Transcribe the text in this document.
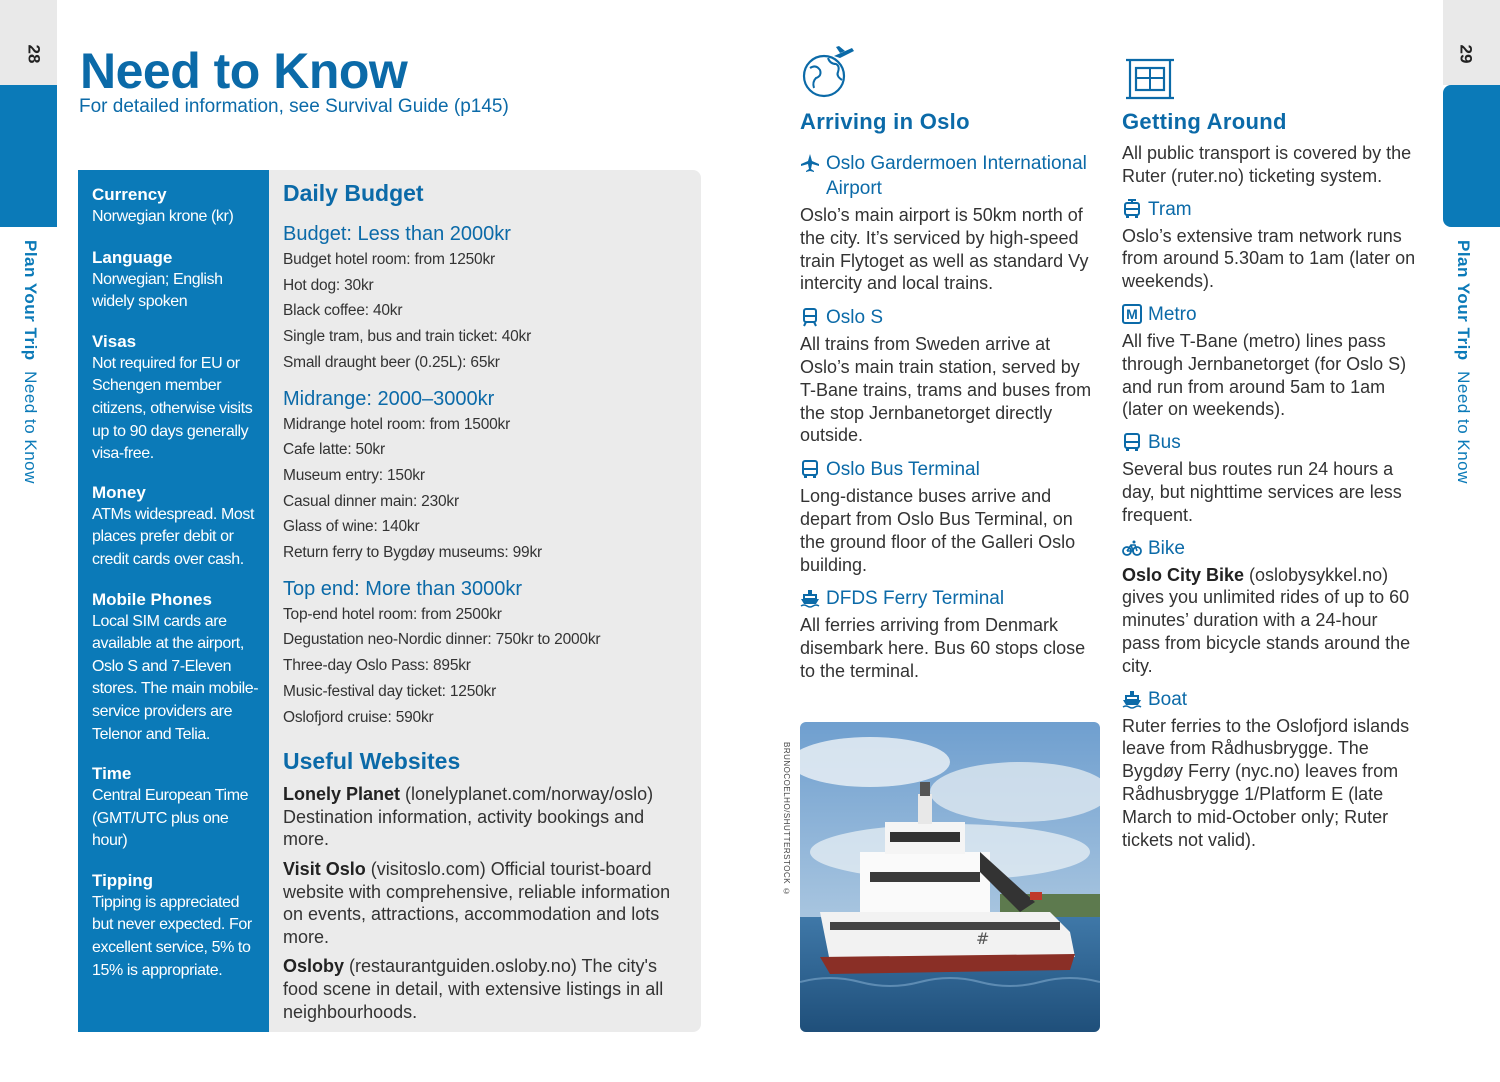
28
Plan Your Trip  Need to Know
29
Plan Your Trip  Need to Know
Need to Know
For detailed information, see Survival Guide (p145)
Currency
Norwegian krone (kr)
Language
Norwegian; English widely spoken
Visas
Not required for EU or Schengen member citizens, otherwise visits up to 90 days generally visa-free.
Money
ATMs widespread. Most places prefer debit or credit cards over cash.
Mobile Phones
Local SIM cards are available at the airport, Oslo S and 7-Eleven stores. The main mobile-service providers are Telenor and Telia.
Time
Central European Time (GMT/UTC plus one hour)
Tipping
Tipping is appreciated but never expected. For excellent service, 5% to 15% is appropriate.
Daily Budget
Budget: Less than 2000kr
Budget hotel room: from 1250kr
Hot dog: 30kr
Black coffee: 40kr
Single tram, bus and train ticket: 40kr
Small draught beer (0.25L): 65kr
Midrange: 2000–3000kr
Midrange hotel room: from 1500kr
Cafe latte: 50kr
Museum entry: 150kr
Casual dinner main: 230kr
Glass of wine: 140kr
Return ferry to Bygdøy museums: 99kr
Top end: More than 3000kr
Top-end hotel room: from 2500kr
Degustation neo-Nordic dinner: 750kr to 2000kr
Three-day Oslo Pass: 895kr
Music-festival day ticket: 1250kr
Oslofjord cruise: 590kr
Useful Websites
Lonely Planet (lonelyplanet.com/norway/oslo) Destination information, activity bookings and more.
Visit Oslo (visitoslo.com) Official tourist-board website with comprehensive, reliable information on events, attractions, accommodation and lots more.
Osloby (restaurantguiden.osloby.no) The city's food scene in detail, with extensive listings in all neighbourhoods.
Arriving in Oslo
Oslo Gardermoen International Airport
Oslo’s main airport is 50km north of the city. It’s serviced by high-speed train Flytoget as well as standard Vy intercity and local trains.
Oslo S
All trains from Sweden arrive at Oslo’s main train station, served by T-Bane trains, trams and buses from the stop Jernbanetorget directly outside.
Oslo Bus Terminal
Long-distance buses arrive and depart from Oslo Bus Terminal, on the ground floor of the Galleri Oslo building.
DFDS Ferry Terminal
All ferries arriving from Denmark disembark here. Bus 60 stops close to the terminal.
BRUNOCOELHO/SHUTTERSTOCK ©
#
Getting Around
All public transport is covered by the Ruter (ruter.no) ticketing system.
Tram
Oslo’s extensive tram network runs from around 5.30am to 1am (later on weekends).
M Metro
All five T-Bane (metro) lines pass through Jernbanetorget (for Oslo S) and run from around 5am to 1am (later on weekends).
Bus
Several bus routes run 24 hours a day, but nighttime services are less frequent.
Bike
Oslo City Bike (oslobysykkel.no) gives you unlimited rides of up to 60 minutes’ duration with a 24-hour pass from bicycle stands around the city.
Boat
Ruter ferries to the Oslofjord islands leave from Rådhusbrygge. The Bygdøy Ferry (nyc.no) leaves from Rådhusbrygge 1/Platform E (late March to mid-October only; Ruter tickets not valid).
